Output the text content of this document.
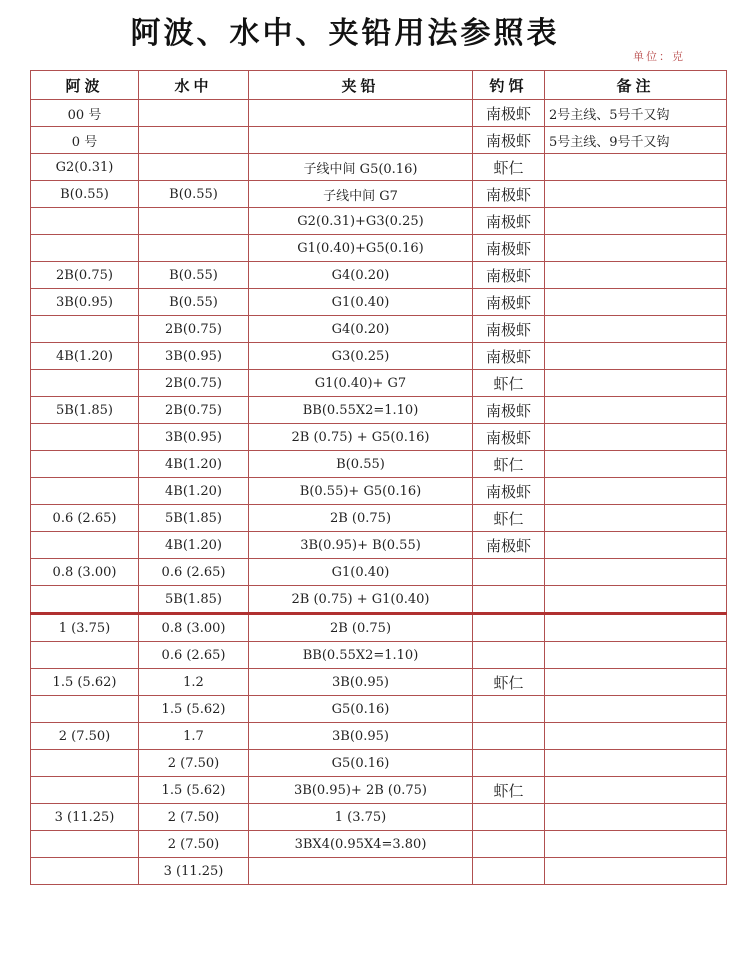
阿波、水中、夹铅用法参照表
单位：克
阿波	水中	夹铅	钓饵	备注
00 号			南极虾	2号主线、5号千又钩
0 号			南极虾	5号主线、9号千又钩
G2(0.31)		子线中间 G5(0.16)	虾仁	
B(0.55)	B(0.55)	子线中间 G7	南极虾	
		G2(0.31)+G3(0.25)	南极虾	
		G1(0.40)+G5(0.16)	南极虾	
2B(0.75)	B(0.55)	G4(0.20)	南极虾	
3B(0.95)	B(0.55)	G1(0.40)	南极虾	
	2B(0.75)	G4(0.20)	南极虾	
4B(1.20)	3B(0.95)	G3(0.25)	南极虾	
	2B(0.75)	G1(0.40)+ G7	虾仁	
5B(1.85)	2B(0.75)	BB(0.55X2=1.10)	南极虾	
	3B(0.95)	2B (0.75) + G5(0.16)	南极虾	
	4B(1.20)	B(0.55)	虾仁	
	4B(1.20)	B(0.55)+ G5(0.16)	南极虾	
0.6 (2.65)	5B(1.85)	2B (0.75)	虾仁	
	4B(1.20)	3B(0.95)+ B(0.55)	南极虾	
0.8 (3.00)	0.6 (2.65)	G1(0.40)		
	5B(1.85)	2B (0.75) + G1(0.40)		
1 (3.75)	0.8 (3.00)	2B (0.75)		
	0.6 (2.65)	BB(0.55X2=1.10)		
1.5 (5.62)	1.2	3B(0.95)	虾仁	
	1.5 (5.62)	G5(0.16)		
2 (7.50)	1.7	3B(0.95)		
	2 (7.50)	G5(0.16)		
	1.5 (5.62)	3B(0.95)+ 2B (0.75)	虾仁	
3 (11.25)	2 (7.50)	1 (3.75)		
	2 (7.50)	3BX4(0.95X4=3.80)		
	3 (11.25)			
